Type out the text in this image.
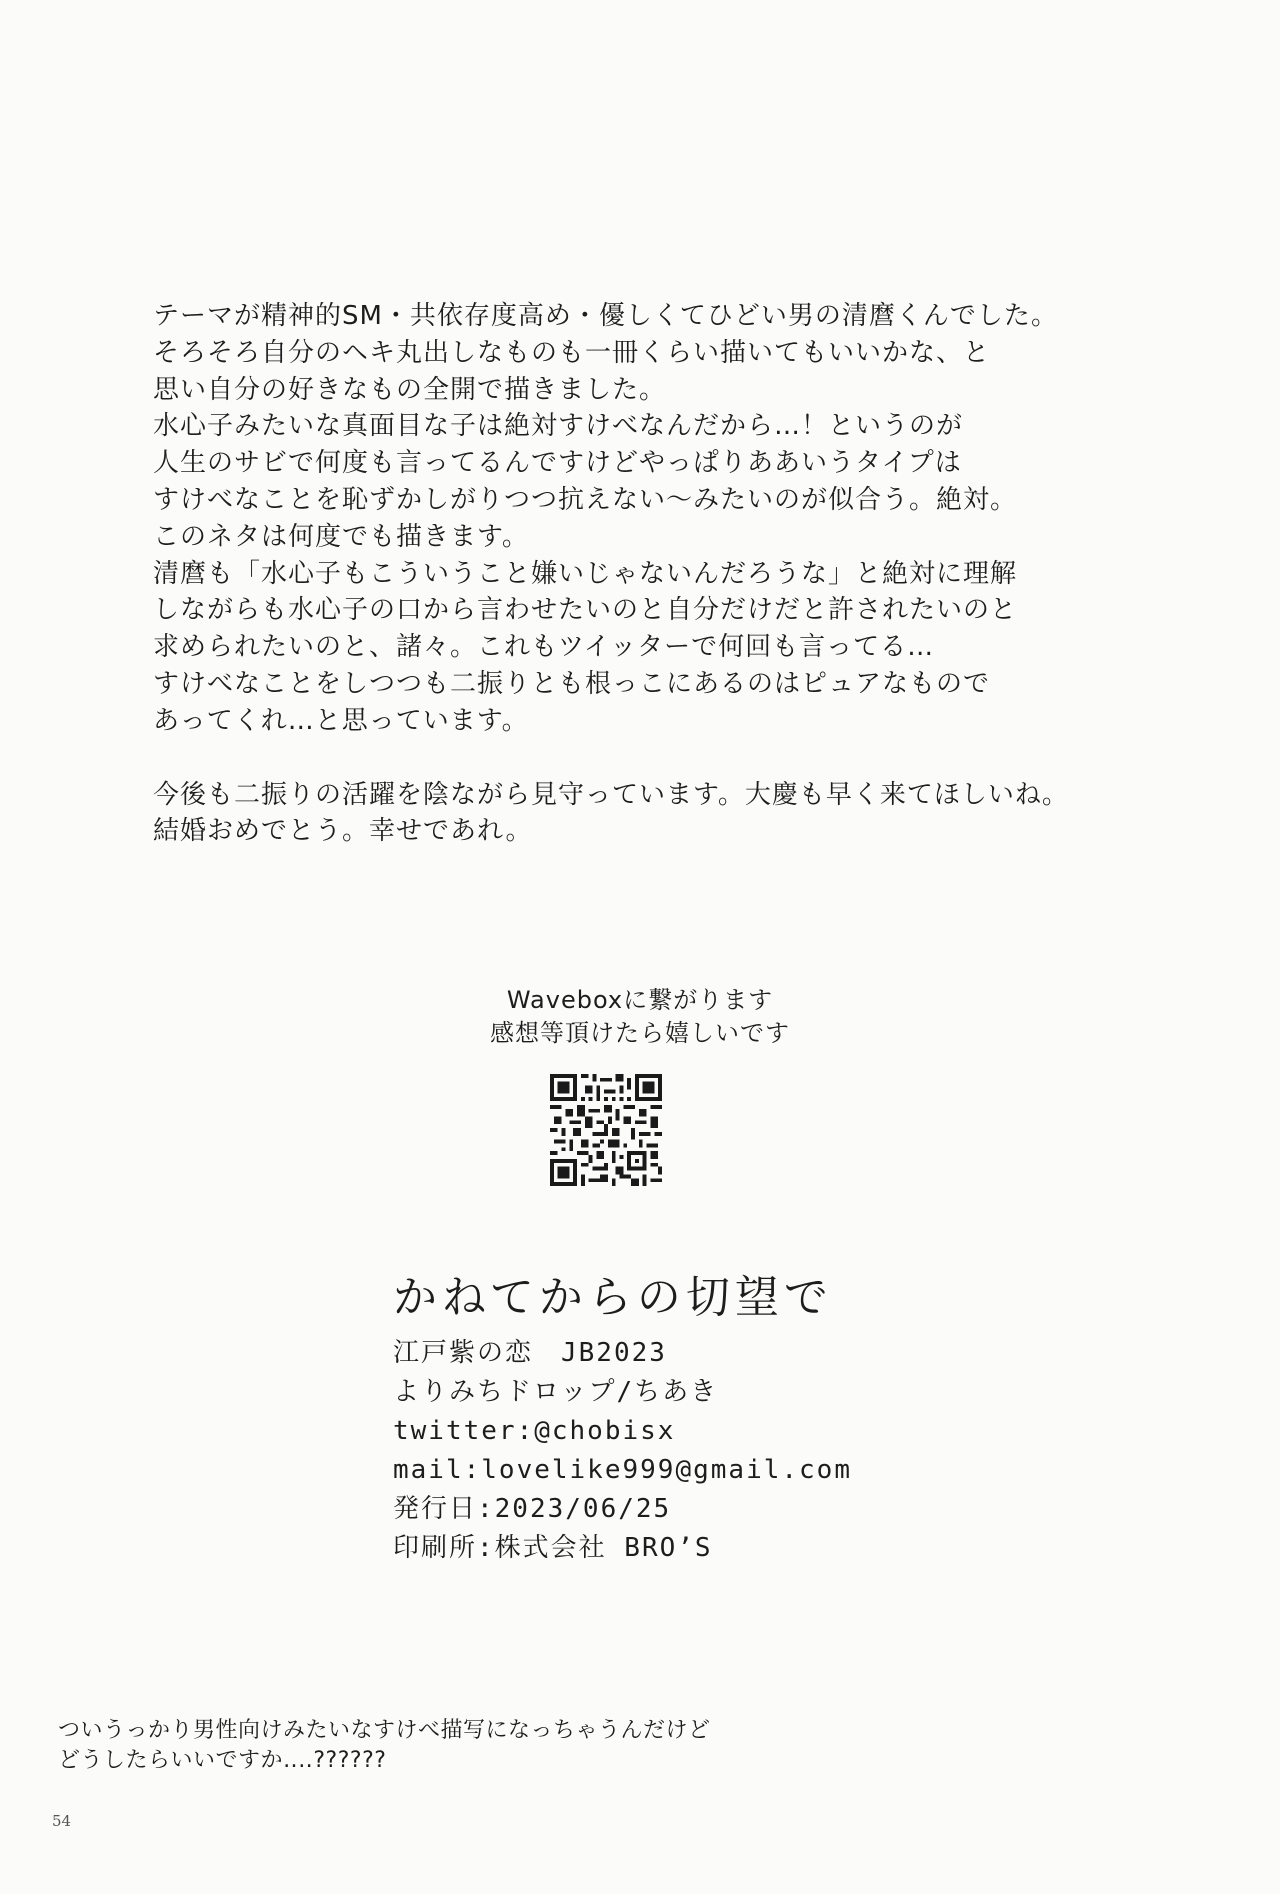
テーマが精神的SM・共依存度高め・優しくてひどい男の清麿くんでした。

そろそろ自分のヘキ丸出しなものも一冊くらい描いてもいいかな、と

思い自分の好きなもの全開で描きました。

水心子みたいな真面目な子は絶対すけべなんだから…！というのが

人生のサビで何度も言ってるんですけどやっぱりああいうタイプは

すけべなことを恥ずかしがりつつ抗えない〜みたいのが似合う。絶対。

このネタは何度でも描きます。

清麿も「水心子もこういうこと嫌いじゃないんだろうな」と絶対に理解

しながらも水心子の口から言わせたいのと自分だけだと許されたいのと

求められたいのと、諸々。これもツイッターで何回も言ってる…

すけべなことをしつつも二振りとも根っこにあるのはピュアなもので

あってくれ…と思っています。

今後も二振りの活躍を陰ながら見守っています。大慶も早く来てほしいね。

結婚おめでとう。幸せであれ。

Waveboxに繋がります

感想等頂けたら嬉しいです

かねてからの切望で

江戸紫の恋　JB2023

よりみちドロップ/ちあき

twitter:@chobisx

mail:lovelike999@gmail.com

発行日:2023/06/25

印刷所:株式会社 BRO’S

ついうっかり男性向けみたいなすけべ描写になっちゃうんだけど

どうしたらいいですか‥‥??????

54
